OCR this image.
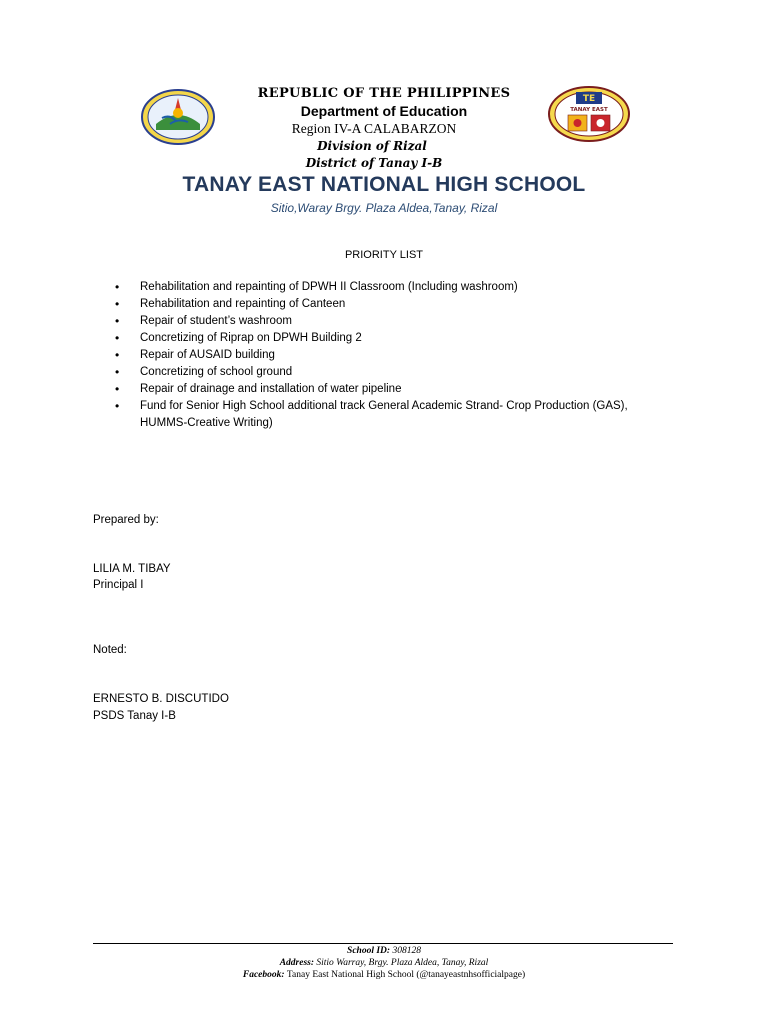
TE
TANAY EAST
REPUBLIC OF THE PHILIPPINES
Department of Education
Region IV-A CALABARZON
Division of Rizal
District of Tanay I-B
TANAY EAST NATIONAL HIGH SCHOOL
Sitio,Waray Brgy. Plaza Aldea,Tanay, Rizal
PRIORITY LIST
• Rehabilitation and repainting of DPWH II Classroom (Including washroom)
• Rehabilitation and repainting of Canteen
• Repair of student’s washroom
• Concretizing of Riprap on DPWH Building 2
• Repair of AUSAID building
• Concretizing of school ground
• Repair of drainage and installation of water pipeline
• Fund for Senior High School additional track General Academic Strand- Crop Production (GAS), HUMMS-Creative Writing)
Prepared by:
LILIA M. TIBAY
Principal I
Noted:
ERNESTO B. DISCUTIDO
PSDS Tanay I-B
School ID: 308128
Address: Sitio Warray, Brgy. Plaza Aldea, Tanay, Rizal
Facebook: Tanay East National High School (@tanayeastnhsofficialpage)
